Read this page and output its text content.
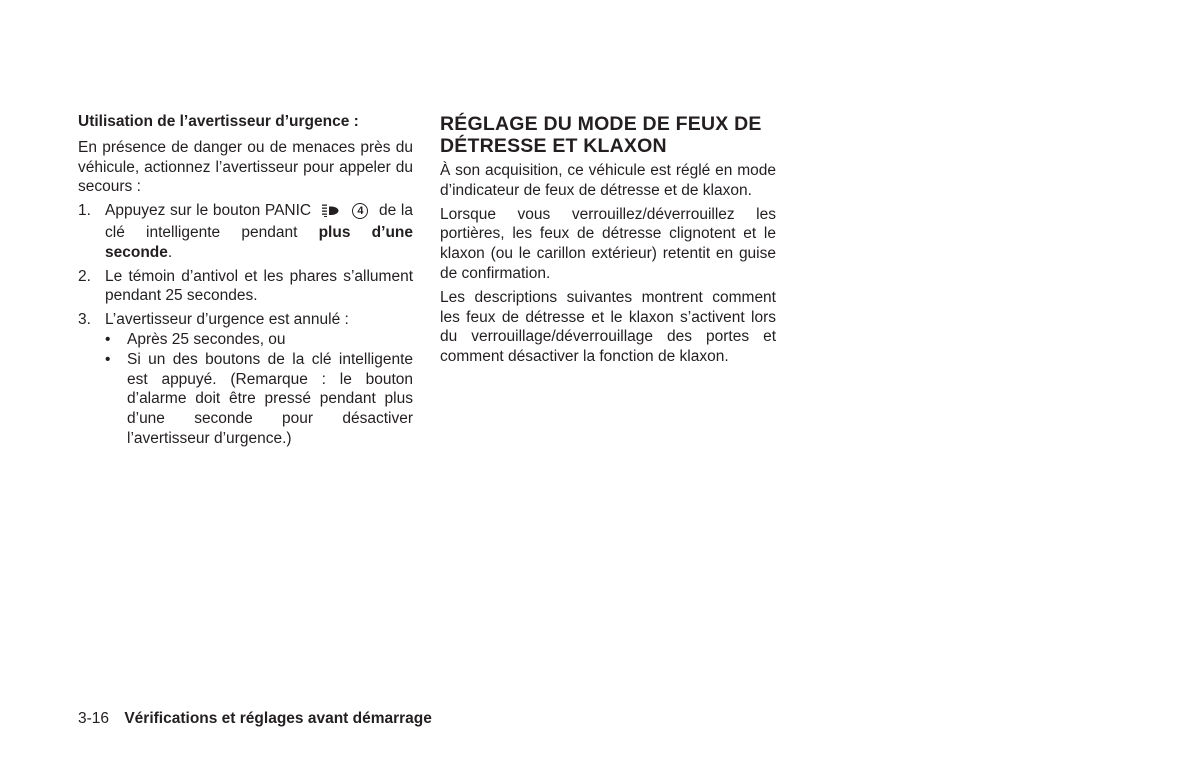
Utilisation de l’avertisseur d’urgence :

En présence de danger ou de menaces près du véhicule, actionnez l’avertisseur pour appeler du secours :

1. Appuyez sur le bouton PANIC	4 de la clé intelligente pendant plus d’une seconde.
2. Le témoin d’antivol et les phares s’allument pendant 25 secondes.
3. L’avertisseur d’urgence est annulé :
• Après 25 secondes, ou
• Si un des boutons de la clé intelligente est appuyé. (Remarque : le bouton d’alarme doit être pressé pendant plus d’une seconde pour désactiver l’avertisseur d’urgence.)
RÉGLAGE DU MODE DE FEUX DE
DÉTRESSE ET KLAXON

À son acquisition, ce véhicule est réglé en mode d’indicateur de feux de détresse et de klaxon.

Lorsque vous verrouillez/déverrouillez les portières, les feux de détresse clignotent et le klaxon (ou le carillon extérieur) retentit en guise de confirmation.

Les descriptions suivantes montrent comment les feux de détresse et le klaxon s’activent lors du verrouillage/déverrouillage des portes et comment désactiver la fonction de klaxon.

3-16 Vérifications et réglages avant démarrage
